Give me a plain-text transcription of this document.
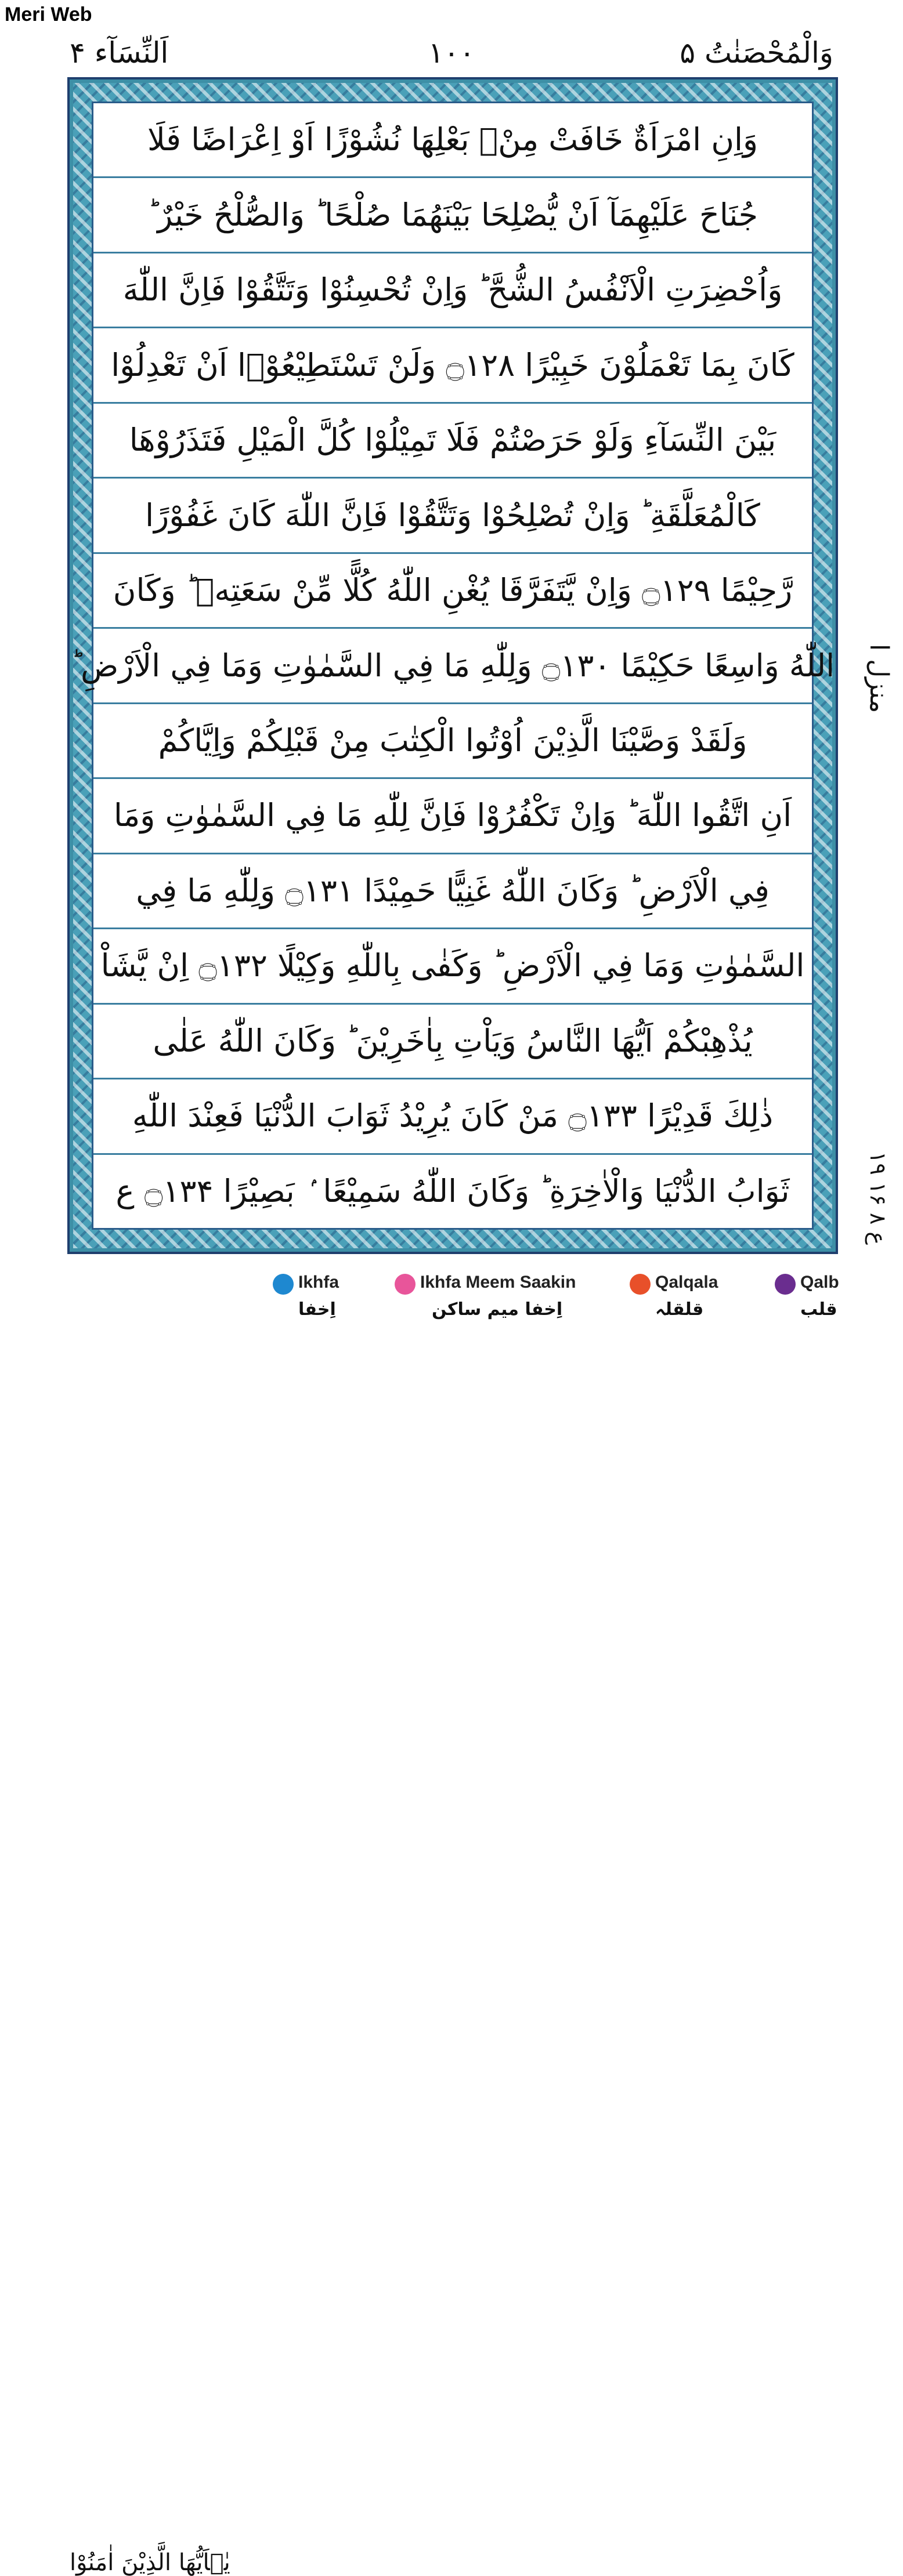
Meri Web
وَالْمُحْصَنٰتُ ۵
۱۰۰
اَلنِّسَآء ۴
وَاِنِ امْرَاَةٌ خَافَتْ مِنْۢ بَعْلِهَا نُشُوْزًا اَوْ اِعْرَاضًا فَلَا
جُنَاحَ عَلَيْهِمَآ اَنْ يُّصْلِحَا بَيْنَهُمَا صُلْحًا ؕ وَالصُّلْحُ خَيْرٌ ؕ
وَاُحْضِرَتِ الْاَنْفُسُ الشُّحَّ ؕ وَاِنْ تُحْسِنُوْا وَتَتَّقُوْا فَاِنَّ اللّٰهَ
كَانَ بِمَا تَعْمَلُوْنَ خَبِيْرًا ۝۱۲۸ وَلَنْ تَسْتَطِيْعُوْۤا اَنْ تَعْدِلُوْا
بَيْنَ النِّسَآءِ وَلَوْ حَرَصْتُمْ فَلَا تَمِيْلُوْا كُلَّ الْمَيْلِ فَتَذَرُوْهَا
كَالْمُعَلَّقَةِ ؕ وَاِنْ تُصْلِحُوْا وَتَتَّقُوْا فَاِنَّ اللّٰهَ كَانَ غَفُوْرًا
رَّحِيْمًا ۝۱۲۹ وَاِنْ يَّتَفَرَّقَا يُغْنِ اللّٰهُ كُلًّا مِّنْ سَعَتِهٖ ؕ وَكَانَ
اللّٰهُ وَاسِعًا حَكِيْمًا ۝۱۳۰ وَلِلّٰهِ مَا فِي السَّمٰوٰتِ وَمَا فِي الْاَرْضِ ؕ
وَلَقَدْ وَصَّيْنَا الَّذِيْنَ اُوْتُوا الْكِتٰبَ مِنْ قَبْلِكُمْ وَاِيَّاكُمْ
اَنِ اتَّقُوا اللّٰهَ ؕ وَاِنْ تَكْفُرُوْا فَاِنَّ لِلّٰهِ مَا فِي السَّمٰوٰتِ وَمَا
فِي الْاَرْضِ ؕ وَكَانَ اللّٰهُ غَنِيًّا حَمِيْدًا ۝۱۳۱ وَلِلّٰهِ مَا فِي
السَّمٰوٰتِ وَمَا فِي الْاَرْضِ ؕ وَكَفٰى بِاللّٰهِ وَكِيْلًا ۝۱۳۲ اِنْ يَّشَاْ
يُذْهِبْكُمْ اَيُّهَا النَّاسُ وَيَاْتِ بِاٰخَرِيْنَ ؕ وَكَانَ اللّٰهُ عَلٰى
ذٰلِكَ قَدِيْرًا ۝۱۳۳ مَنْ كَانَ يُرِيْدُ ثَوَابَ الدُّنْيَا فَعِنْدَ اللّٰهِ
ثَوَابُ الدُّنْيَا وَالْاٰخِرَةِ ؕ وَكَانَ اللّٰهُ سَمِيْعًا ۢ بَصِيْرًا ۝۱۳۴ ع
منزل ا
۱۹ ع ۸ ۱۶
يٰۤاَيُّهَا الَّذِيْنَ اٰمَنُوْا
Ikhfa
اِخفا
Ikhfa Meem Saakin
اِخفا میم ساکن
Qalqala
قلقلہ
Qalb
قلب
